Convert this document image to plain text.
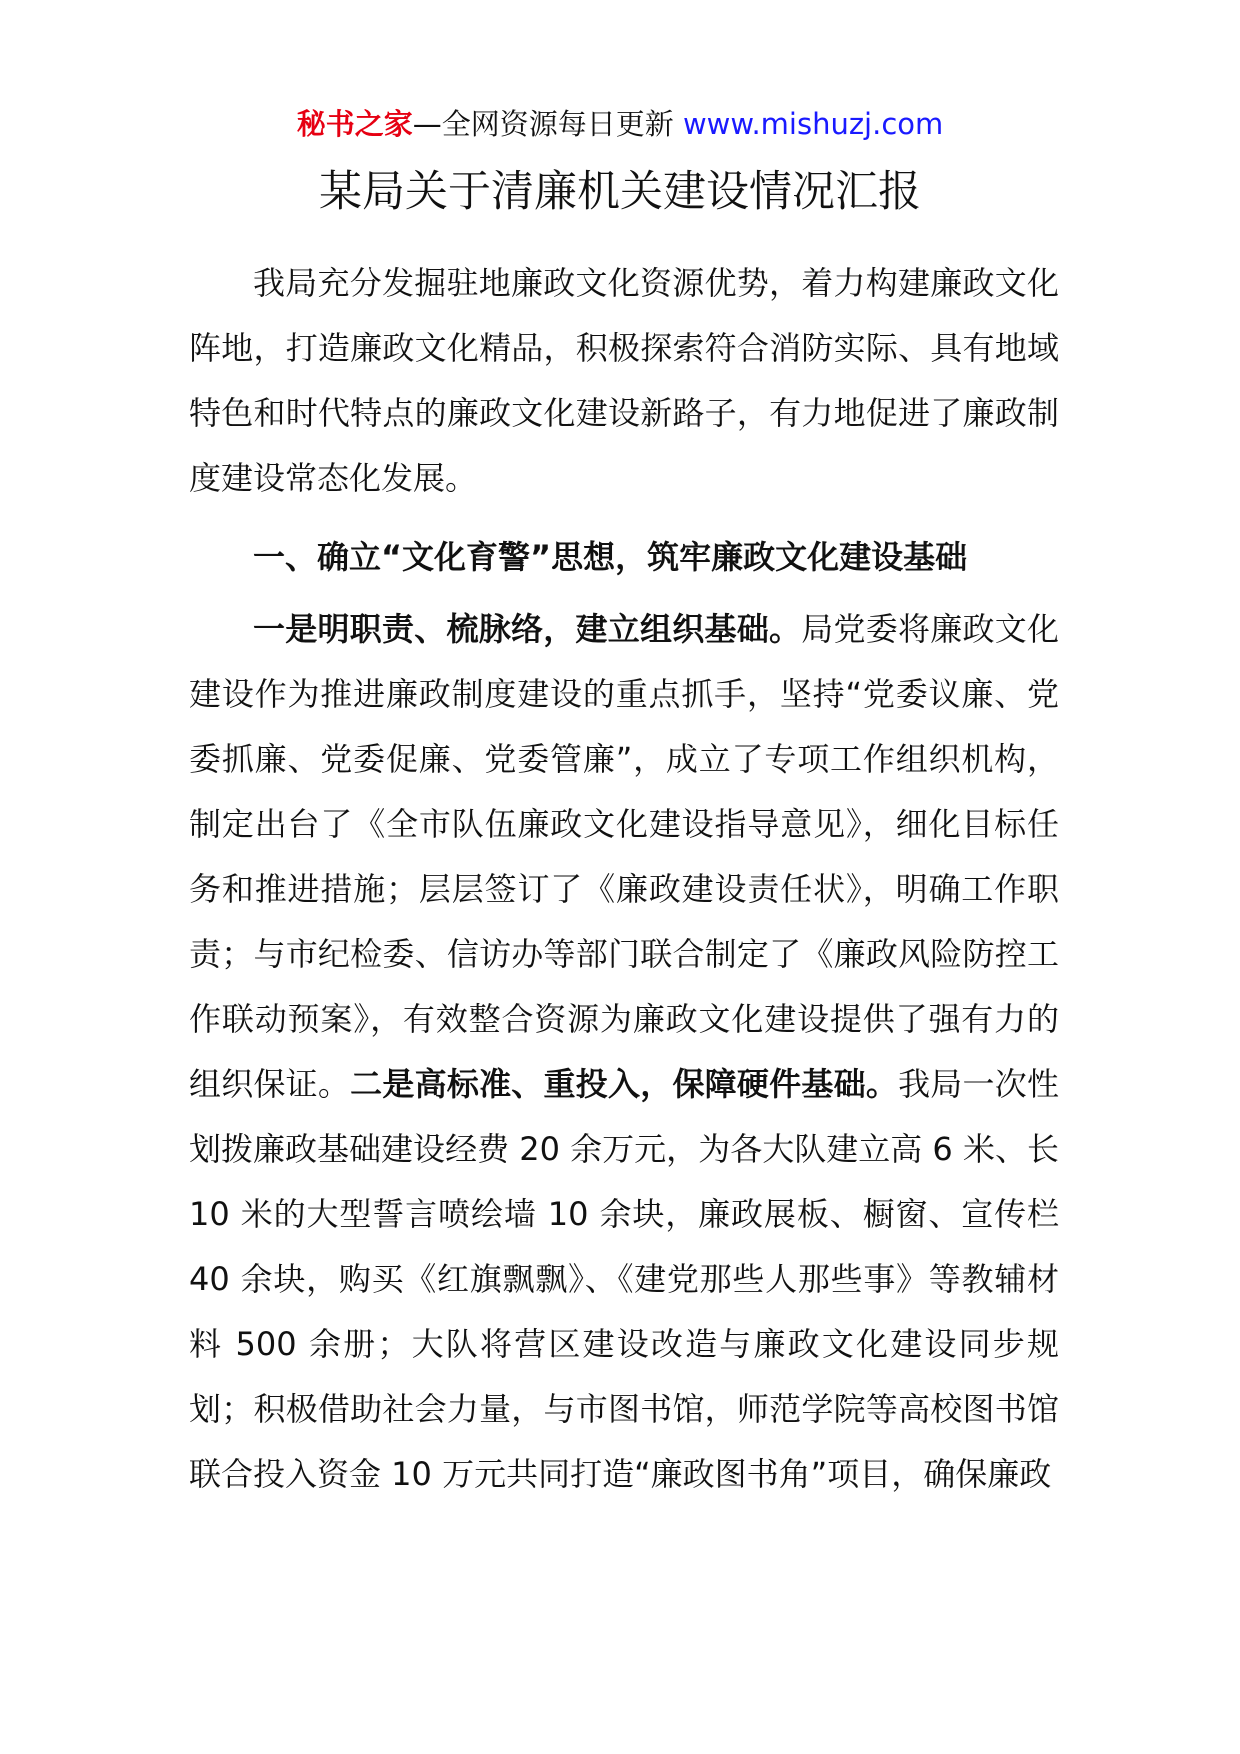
秘书之家—全网资源每日更新 www.mishuzj.com
某局关于清廉机关建设情况汇报

我局充分发掘驻地廉政文化资源优势，着力构建廉政文化阵地，打造廉政文化精品，积极探索符合消防实际、具有地域特色和时代特点的廉政文化建设新路子，有力地促进了廉政制度建设常态化发展。

一、确立“文化育警”思想，筑牢廉政文化建设基础

一是明职责、梳脉络，建立组织基础。局党委将廉政文化建设作为推进廉政制度建设的重点抓手，坚持“党委议廉、党委抓廉、党委促廉、党委管廉”，成立了专项工作组织机构，制定出台了《全市队伍廉政文化建设指导意见》，细化目标任务和推进措施；层层签订了《廉政建设责任状》，明确工作职责；与市纪检委、信访办等部门联合制定了《廉政风险防控工作联动预案》，有效整合资源为廉政文化建设提供了强有力的组织保证。二是高标准、重投入，保障硬件基础。我局一次性划拨廉政基础建设经费 20 余万元，为各大队建立高 6 米、长 10 米的大型誓言喷绘墙 10 余块，廉政展板、橱窗、宣传栏 40 余块，购买《红旗飘飘》、《建党那些人那些事》等教辅材料 500 余册；大队将营区建设改造与廉政文化建设同步规划；积极借助社会力量，与市图书馆，师范学院等高校图书馆联合投入资金 10 万元共同打造“廉政图书角”项目，确保廉政
